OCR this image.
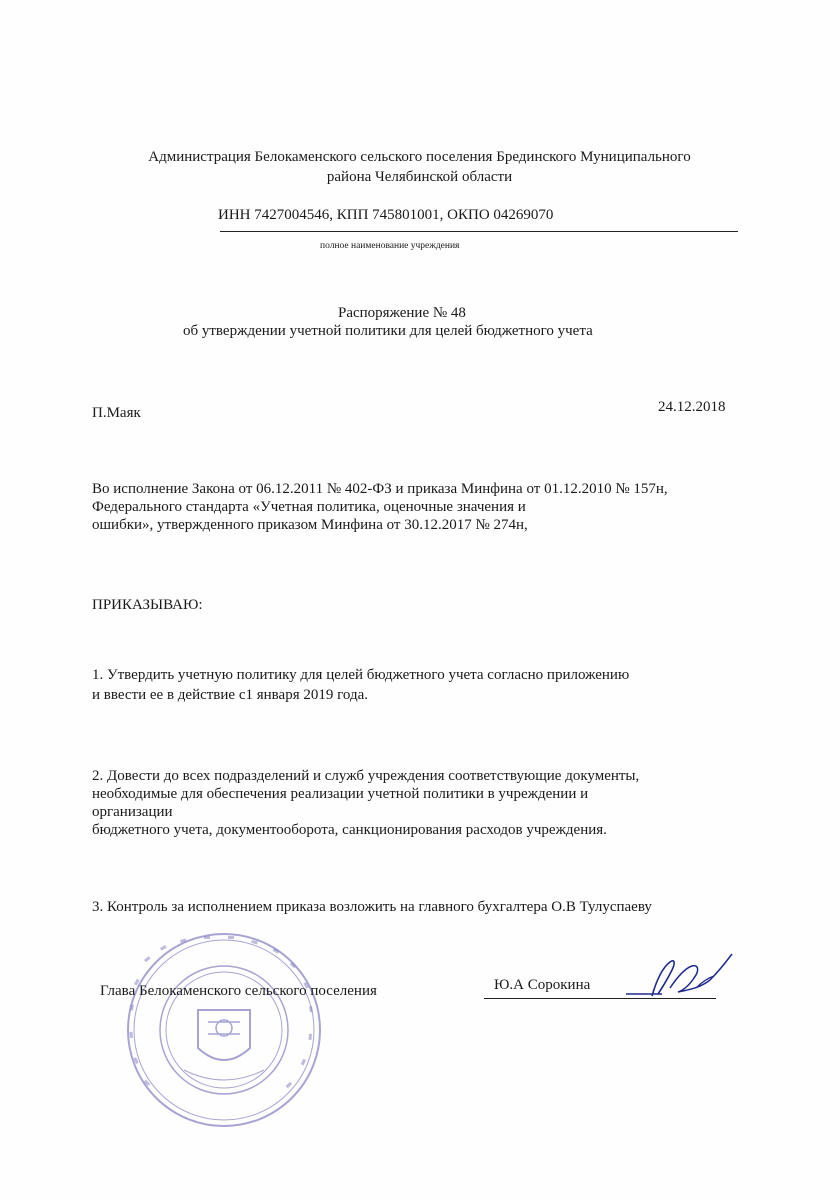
Администрация Белокаменского сельского поселения Брединского Муниципального
района Челябинской области
ИНН 7427004546, КПП 745801001, ОКПО 04269070
полное наименование учреждения
Распоряжение № 48
об утверждении учетной политики для целей бюджетного учета
П.Маяк	24.12.2018
Во исполнение Закона от 06.12.2011 № 402-ФЗ и приказа Минфина от 01.12.2010 № 157н,
Федерального стандарта «Учетная политика, оценочные значения и
ошибки», утвержденного приказом Минфина от 30.12.2017 № 274н,
ПРИКАЗЫВАЮ:
1. Утвердить учетную политику для целей бюджетного учета согласно приложению
и ввести ее в действие с1 января 2019 года.
2. Довести до всех подразделений и служб учреждения соответствующие документы,
необходимые для обеспечения реализации учетной политики в учреждении и
организации
бюджетного учета, документооборота, санкционирования расходов учреждения.
3. Контроль за исполнением приказа возложить на главного бухгалтера О.В Тулуспаеву
Глава Белокаменского сельского поселения	Ю.А Сорокина
